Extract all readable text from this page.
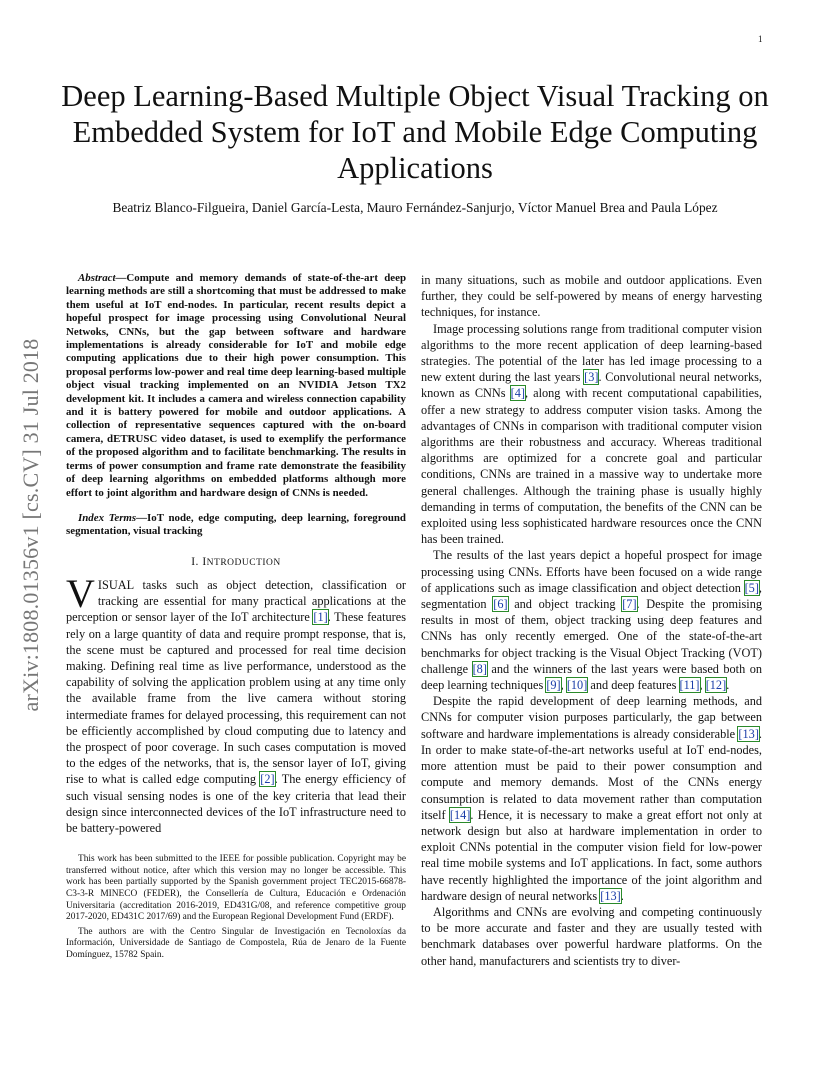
1
arXiv:1808.01356v1 [cs.CV] 31 Jul 2018
Deep Learning-Based Multiple Object Visual Tracking on Embedded System for IoT and Mobile Edge Computing Applications
Beatriz Blanco-Filgueira, Daniel García-Lesta, Mauro Fernández-Sanjurjo, Víctor Manuel Brea and Paula López

Abstract—Compute and memory demands of state-of-the-art deep learning methods are still a shortcoming that must be addressed to make them useful at IoT end-nodes. In particular, recent results depict a hopeful prospect for image processing using Convolutional Neural Netwoks, CNNs, but the gap between software and hardware implementations is already considerable for IoT and mobile edge computing applications due to their high power consumption. This proposal performs low-power and real time deep learning-based multiple object visual tracking implemented on an NVIDIA Jetson TX2 development kit. It includes a camera and wireless connection capability and it is battery powered for mobile and outdoor applications. A collection of representative sequences captured with the on-board camera, dETRUSC video dataset, is used to exemplify the performance of the proposed algorithm and to facilitate benchmarking. The results in terms of power consumption and frame rate demonstrate the feasibility of deep learning algorithms on embedded platforms although more effort to joint algorithm and hardware design of CNNs is needed.

Index Terms—IoT node, edge computing, deep learning, foreground segmentation, visual tracking

I. INTRODUCTION

VISUAL tasks such as object detection, classification or tracking are essential for many practical applications at the perception or sensor layer of the IoT architecture [1]. These features rely on a large quantity of data and require prompt response, that is, the scene must be captured and processed for real time decision making. Defining real time as live performance, understood as the capability of solving the application problem using at any time only the available frame from the live camera without storing intermediate frames for delayed processing, this requirement can not be efficiently accomplished by cloud computing due to latency and the prospect of poor coverage. In such cases computation is moved to the edges of the networks, that is, the sensor layer of IoT, giving rise to what is called edge computing [2]. The energy efficiency of such visual sensing nodes is one of the key criteria that lead their design since interconnected devices of the IoT infrastructure need to be battery-powered

This work has been submitted to the IEEE for possible publication. Copyright may be transferred without notice, after which this version may no longer be accessible. This work has been partially supported by the Spanish government project TEC2015-66878-C3-3-R MINECO (FEDER), the Consellería de Cultura, Educación e Ordenación Universitaria (accreditation 2016-2019, ED431G/08, and reference competitive group 2017-2020, ED431C 2017/69) and the European Regional Development Fund (ERDF).

The authors are with the Centro Singular de Investigación en Tecnoloxías da Información, Universidade de Santiago de Compostela, Rúa de Jenaro de la Fuente Domínguez, 15782 Spain.

in many situations, such as mobile and outdoor applications. Even further, they could be self-powered by means of energy harvesting techniques, for instance.

Image processing solutions range from traditional computer vision algorithms to the more recent application of deep learning-based strategies. The potential of the later has led image processing to a new extent during the last years [3]. Convolutional neural networks, known as CNNs [4], along with recent computational capabilities, offer a new strategy to address computer vision tasks. Among the advantages of CNNs in comparison with traditional computer vision algorithms are their robustness and accuracy. Whereas traditional algorithms are optimized for a concrete goal and particular conditions, CNNs are trained in a massive way to undertake more general challenges. Although the training phase is usually highly demanding in terms of computation, the benefits of the CNN can be exploited using less sophisticated hardware resources once the CNN has been trained.

The results of the last years depict a hopeful prospect for image processing using CNNs. Efforts have been focused on a wide range of applications such as image classification and object detection [5], segmentation [6] and object tracking [7]. Despite the promising results in most of them, object tracking using deep features and CNNs has only recently emerged. One of the state-of-the-art benchmarks for object tracking is the Visual Object Tracking (VOT) challenge [8] and the winners of the last years were based both on deep learning techniques [9], [10] and deep features [11], [12].

Despite the rapid development of deep learning methods, and CNNs for computer vision purposes particularly, the gap between software and hardware implementations is already considerable [13]. In order to make state-of-the-art networks useful at IoT end-nodes, more attention must be paid to their power consumption and compute and memory demands. Most of the CNNs energy consumption is related to data movement rather than computation itself [14]. Hence, it is necessary to make a great effort not only at network design but also at hardware implementation in order to exploit CNNs potential in the computer vision field for low-power real time mobile systems and IoT applications. In fact, some authors have recently highlighted the importance of the joint algorithm and hardware design of neural networks [13].

Algorithms and CNNs are evolving and competing continuously to be more accurate and faster and they are usually tested with benchmark databases over powerful hardware platforms. On the other hand, manufacturers and scientists try to diver-
